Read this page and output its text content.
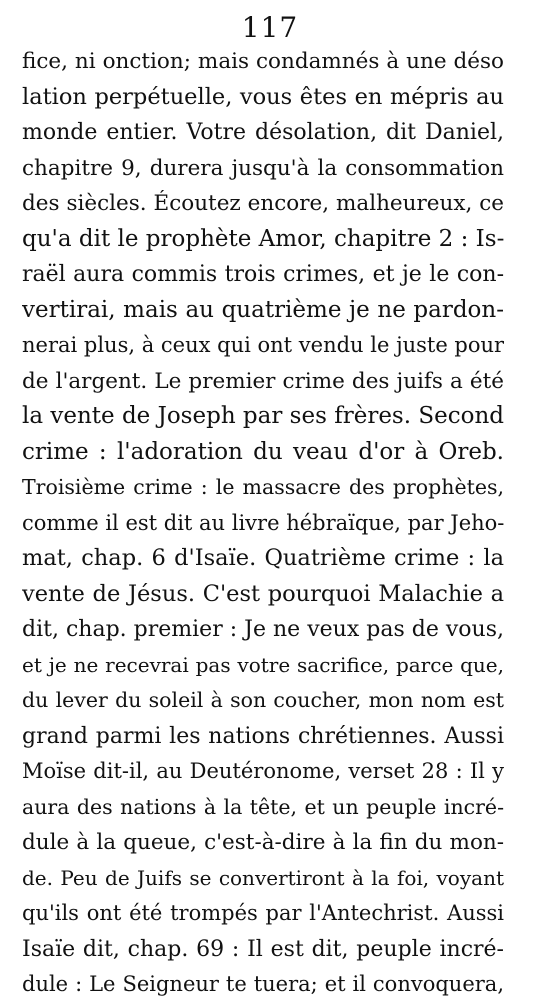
117
fice, ni onction; mais condamnés à une déso
lation perpétuelle, vous êtes en mépris au
monde entier. Votre désolation, dit Daniel,
chapitre 9, durera jusqu'à la consommation
des siècles. Écoutez encore, malheureux, ce
qu'a dit le prophète Amor, chapitre 2 : Is-
raël aura commis trois crimes, et je le con-
vertirai, mais au quatrième je ne pardon-
nerai plus, à ceux qui ont vendu le juste pour
de l'argent. Le premier crime des juifs a été
la vente de Joseph par ses frères. Second
crime : l'adoration du veau d'or à Oreb.
Troisième crime : le massacre des prophètes,
comme il est dit au livre hébraïque, par Jeho-
mat, chap. 6 d'Isaïe. Quatrième crime : la
vente de Jésus. C'est pourquoi Malachie a
dit, chap. premier : Je ne veux pas de vous,
et je ne recevrai pas votre sacrifice, parce que,
du lever du soleil à son coucher, mon nom est
grand parmi les nations chrétiennes. Aussi
Moïse dit-il, au Deutéronome, verset 28 : Il y
aura des nations à la tête, et un peuple incré-
dule à la queue, c'est-à-dire à la fin du mon-
de. Peu de Juifs se convertiront à la foi, voyant
qu'ils ont été trompés par l'Antechrist. Aussi
Isaïe dit, chap. 69 : Il est dit, peuple incré-
dule : Le Seigneur te tuera; et il convoquera,
